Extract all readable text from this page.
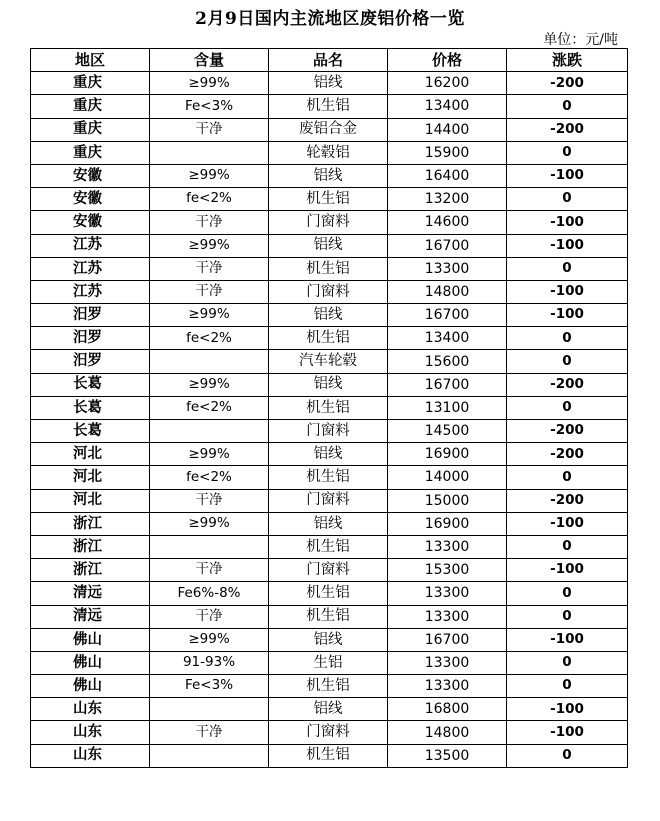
2月9日国内主流地区废铝价格一览
单位：元/吨
地区	含量	品名	价格	涨跌
重庆	≥99%	铝线	16200	-200
重庆	Fe<3%	机生铝	13400	0
重庆	干净	废铝合金	14400	-200
重庆		轮毂铝	15900	0
安徽	≥99%	铝线	16400	-100
安徽	fe<2%	机生铝	13200	0
安徽	干净	门窗料	14600	-100
江苏	≥99%	铝线	16700	-100
江苏	干净	机生铝	13300	0
江苏	干净	门窗料	14800	-100
汨罗	≥99%	铝线	16700	-100
汨罗	fe<2%	机生铝	13400	0
汨罗		汽车轮毂	15600	0
长葛	≥99%	铝线	16700	-200
长葛	fe<2%	机生铝	13100	0
长葛		门窗料	14500	-200
河北	≥99%	铝线	16900	-200
河北	fe<2%	机生铝	14000	0
河北	干净	门窗料	15000	-200
浙江	≥99%	铝线	16900	-100
浙江		机生铝	13300	0
浙江	干净	门窗料	15300	-100
清远	Fe6%-8%	机生铝	13300	0
清远	干净	机生铝	13300	0
佛山	≥99%	铝线	16700	-100
佛山	91-93%	生铝	13300	0
佛山	Fe<3%	机生铝	13300	0
山东		铝线	16800	-100
山东	干净	门窗料	14800	-100
山东		机生铝	13500	0
